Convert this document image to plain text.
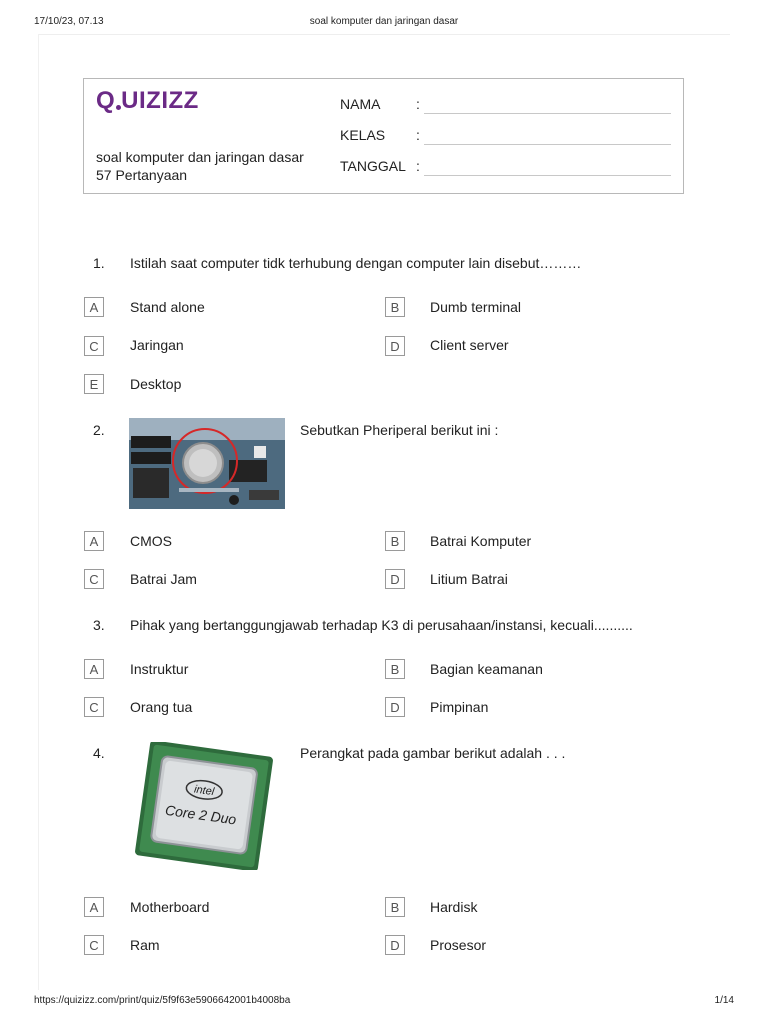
17/10/23, 07.13	soal komputer dan jaringan dasar
Q UIZIZZ
soal komputer dan jaringan dasar
57 Pertanyaan
NAMA	:
KELAS :
TANGGAL :
1. Istilah saat computer tidk terhubung dengan computer lain disebut………
A	Stand alone	B	Dumb terminal
C	Jaringan	D	Client server
E	Desktop
2.	Sebutkan Pheriperal berikut ini :
A	CMOS	B	Batrai Komputer
C	Batrai Jam	D	Litium Batrai
3. Pihak yang bertanggungjawab terhadap K3 di perusahaan/instansi, kecuali..........
A	Instruktur	B	Bagian keamanan
C	Orang tua	D	Pimpinan
4.
intel
Core 2 Duo
Perangkat pada gambar berikut adalah . . .
A	Motherboard	B	Hardisk
C	Ram	D	Prosesor
https://quizizz.com/print/quiz/5f9f63e5906642001b4008ba	1/14
